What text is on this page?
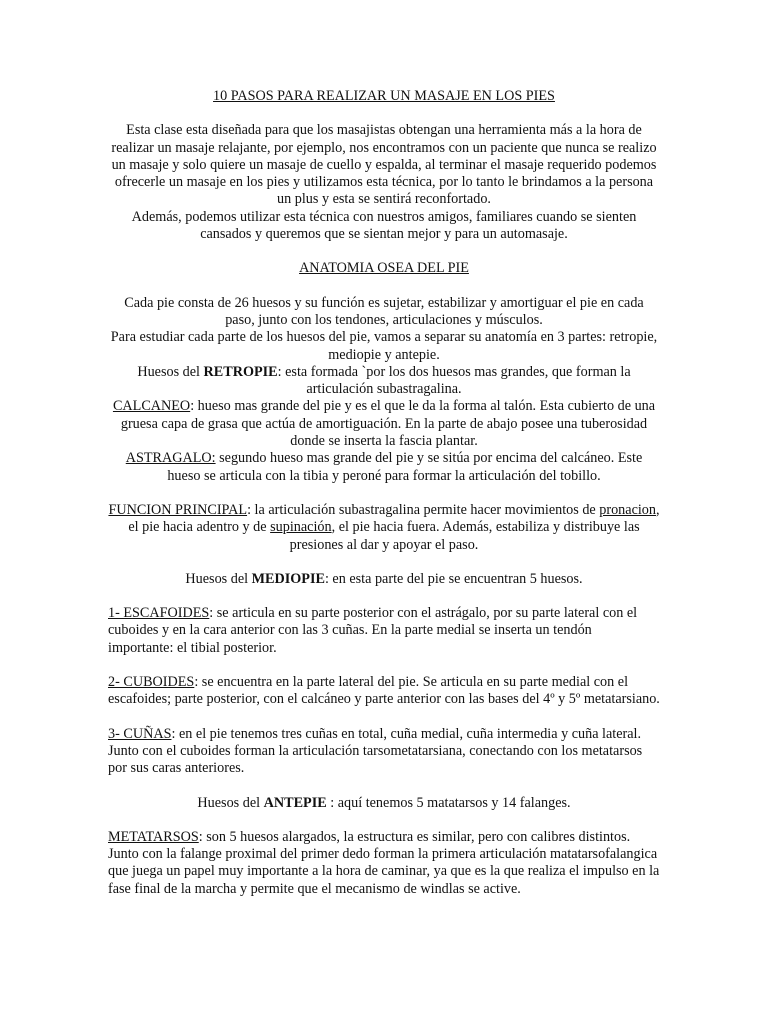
10 PASOS PARA REALIZAR UN MASAJE EN LOS PIES

Esta clase esta diseñada para que los masajistas obtengan una herramienta más a la hora de realizar un masaje relajante, por ejemplo, nos encontramos con un paciente que nunca se realizo un masaje y solo quiere un masaje de cuello y espalda, al terminar el masaje requerido podemos ofrecerle un masaje en los pies y utilizamos esta técnica, por lo tanto le brindamos a la persona un plus y esta se sentirá reconfortado.

Además, podemos utilizar esta técnica con nuestros amigos, familiares cuando se sienten cansados y queremos que se sientan mejor y para un automasaje.

ANATOMIA OSEA DEL PIE

Cada pie consta de 26 huesos y su función es sujetar, estabilizar y amortiguar el pie en cada paso, junto con los tendones, articulaciones y músculos.

Para estudiar cada parte de los huesos del pie, vamos a separar su anatomía en 3 partes: retropie, mediopie y antepie.

Huesos del RETROPIE: esta formada `por los dos huesos mas grandes, que forman la articulación subastragalina.

CALCANEO: hueso mas grande del pie y es el que le da la forma al talón. Esta cubierto de una gruesa capa de grasa que actúa de amortiguación. En la parte de abajo posee una tuberosidad donde se inserta la fascia plantar.

ASTRAGALO: segundo hueso mas grande del pie y se sitúa por encima del calcáneo. Este hueso se articula con la tibia y peroné para formar la articulación del tobillo.

FUNCION PRINCIPAL: la articulación subastragalina permite hacer movimientos de pronacion, el pie hacia adentro y de supinación, el pie hacia fuera. Además, estabiliza y distribuye las presiones al dar y apoyar el paso.

Huesos del MEDIOPIE: en esta parte del pie se encuentran 5 huesos.

1- ESCAFOIDES: se articula en su parte posterior con el astrágalo, por su parte lateral con el cuboides y en la cara anterior con las 3 cuñas. En la parte medial se inserta un tendón importante: el tibial posterior.

2- CUBOIDES: se encuentra en la parte lateral del pie. Se articula en su parte medial con el escafoides; parte posterior, con el calcáneo y parte anterior con las bases del 4º y 5º metatarsiano.

3- CUÑAS: en el pie tenemos tres cuñas en total, cuña medial, cuña intermedia y cuña lateral. Junto con el cuboides forman la articulación tarsometatarsiana, conectando con los metatarsos por sus caras anteriores.

Huesos del ANTEPIE : aquí tenemos 5 matatarsos y 14 falanges.

METATARSOS: son 5 huesos alargados, la estructura es similar, pero con calibres distintos. Junto con la falange proximal del primer dedo forman la primera articulación matatarsofalangica que juega un papel muy importante a la hora de caminar, ya que es la que realiza el impulso en la fase final de la marcha y permite que el mecanismo de windlas se active.
